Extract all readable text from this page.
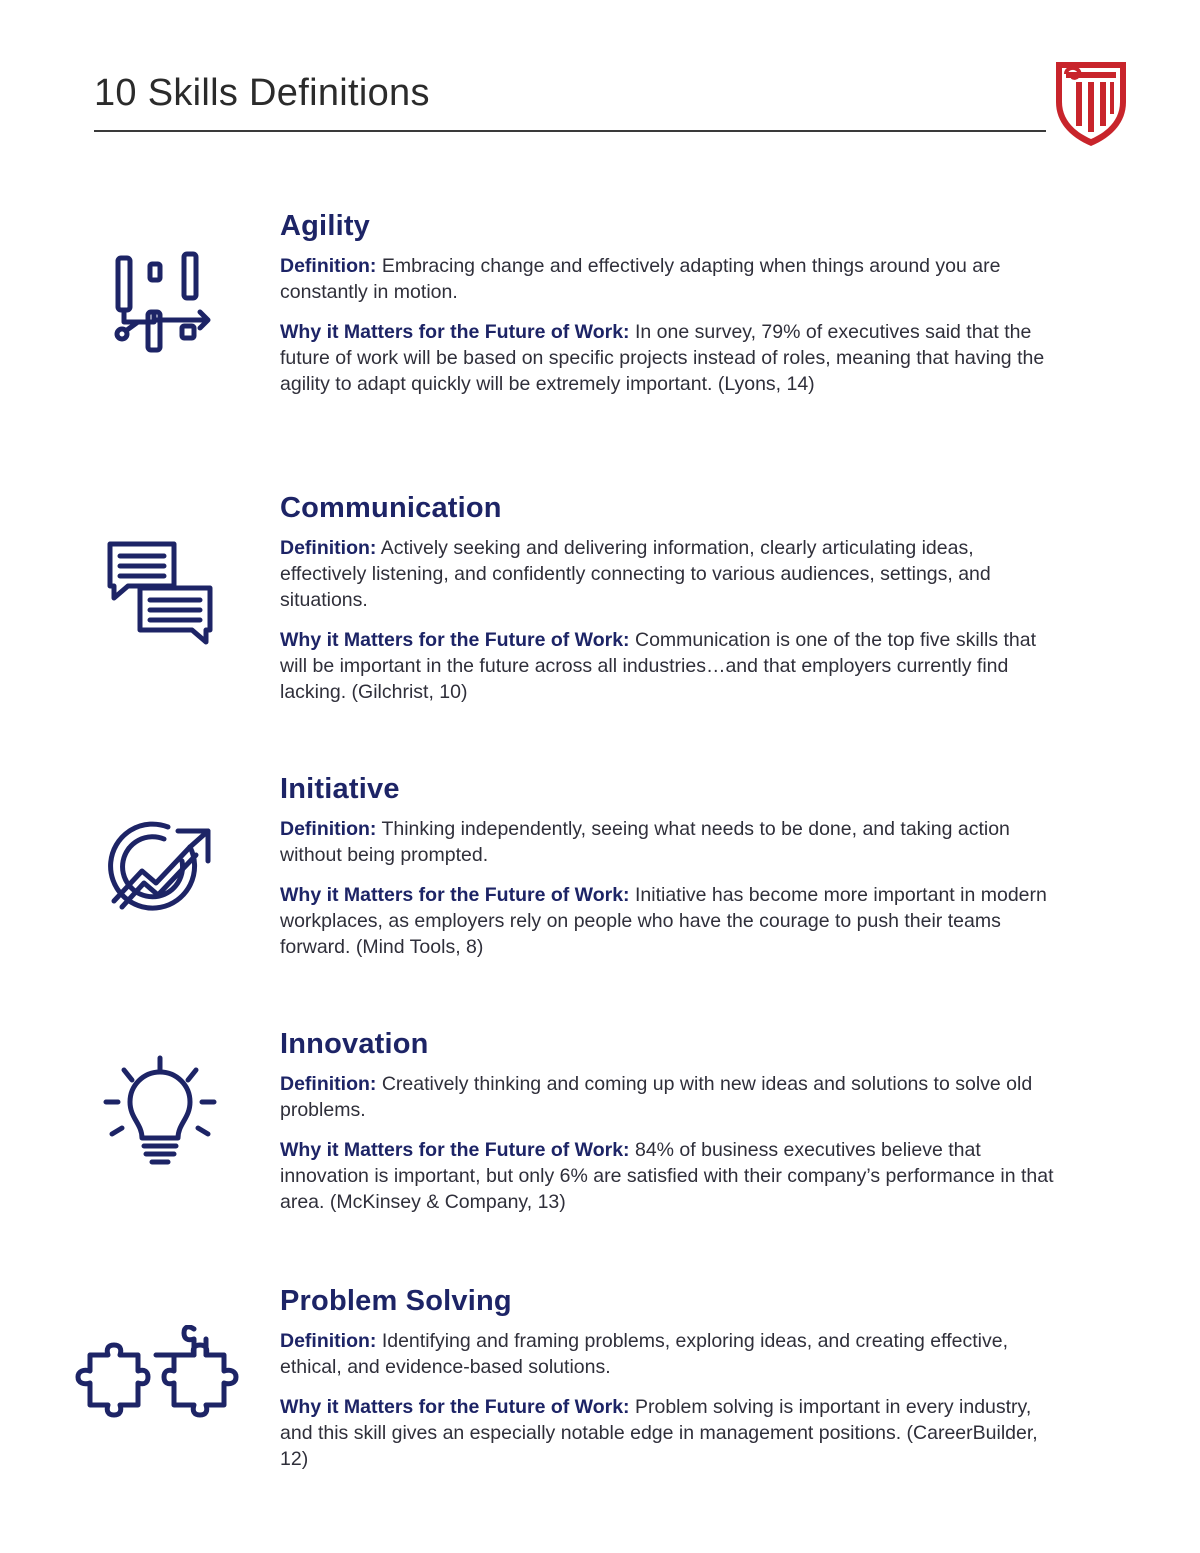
10 Skills Definitions
Agility

Definition: Embracing change and effectively adapting when things around you are constantly in motion.

Why it Matters for the Future of Work: In one survey, 79% of executives said that the future of work will be based on specific projects instead of roles, meaning that having the agility to adapt quickly will be extremely important. (Lyons, 14)

Communication

Definition: Actively seeking and delivering information, clearly articulating ideas, effectively listening, and confidently connecting to various audiences, settings, and situations.

Why it Matters for the Future of Work: Communication is one of the top five skills that will be important in the future across all industries…and that employers currently find lacking. (Gilchrist, 10)

Initiative

Definition: Thinking independently, seeing what needs to be done, and taking action without being prompted.

Why it Matters for the Future of Work: Initiative has become more important in modern workplaces, as employers rely on people who have the courage to push their teams forward. (Mind Tools, 8)

Innovation

Definition: Creatively thinking and coming up with new ideas and solutions to solve old problems.

Why it Matters for the Future of Work: 84% of business executives believe that innovation is important, but only 6% are satisfied with their company’s performance in that area. (McKinsey & Company, 13)

Problem Solving

Definition: Identifying and framing problems, exploring ideas, and creating effective, ethical, and evidence-based solutions.

Why it Matters for the Future of Work: Problem solving is important in every industry, and this skill gives an especially notable edge in management positions. (CareerBuilder, 12)
